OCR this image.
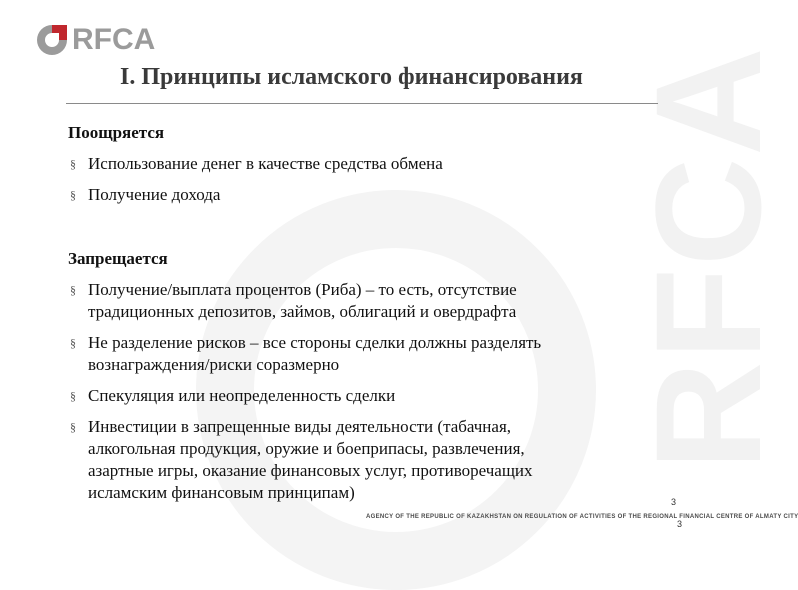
RFCA
RFCA
I. Принципы исламского финансирования
Поощряется
§ Использование денег в качестве средства обмена
§ Получение дохода
Запрещается
§ Получение/выплата процентов (Риба) – то есть, отсутствие
традиционных депозитов, займов, облигаций и овердрафта
§ Не разделение рисков – все стороны сделки должны разделять
вознаграждения/риски соразмерно
§ Спекуляция или неопределенность сделки
§ Инвестиции в запрещенные виды деятельности (табачная,
алкогольная продукция, оружие и боеприпасы, развлечения,
азартные игры, оказание финансовых услуг, противоречащих
исламским финансовым принципам)	3
AGENCY OF THE REPUBLIC OF KAZAKHSTAN ON REGULATION OF ACTIVITIES OF THE REGIONAL FINANCIAL CENTRE OF ALMATY CITY
3
